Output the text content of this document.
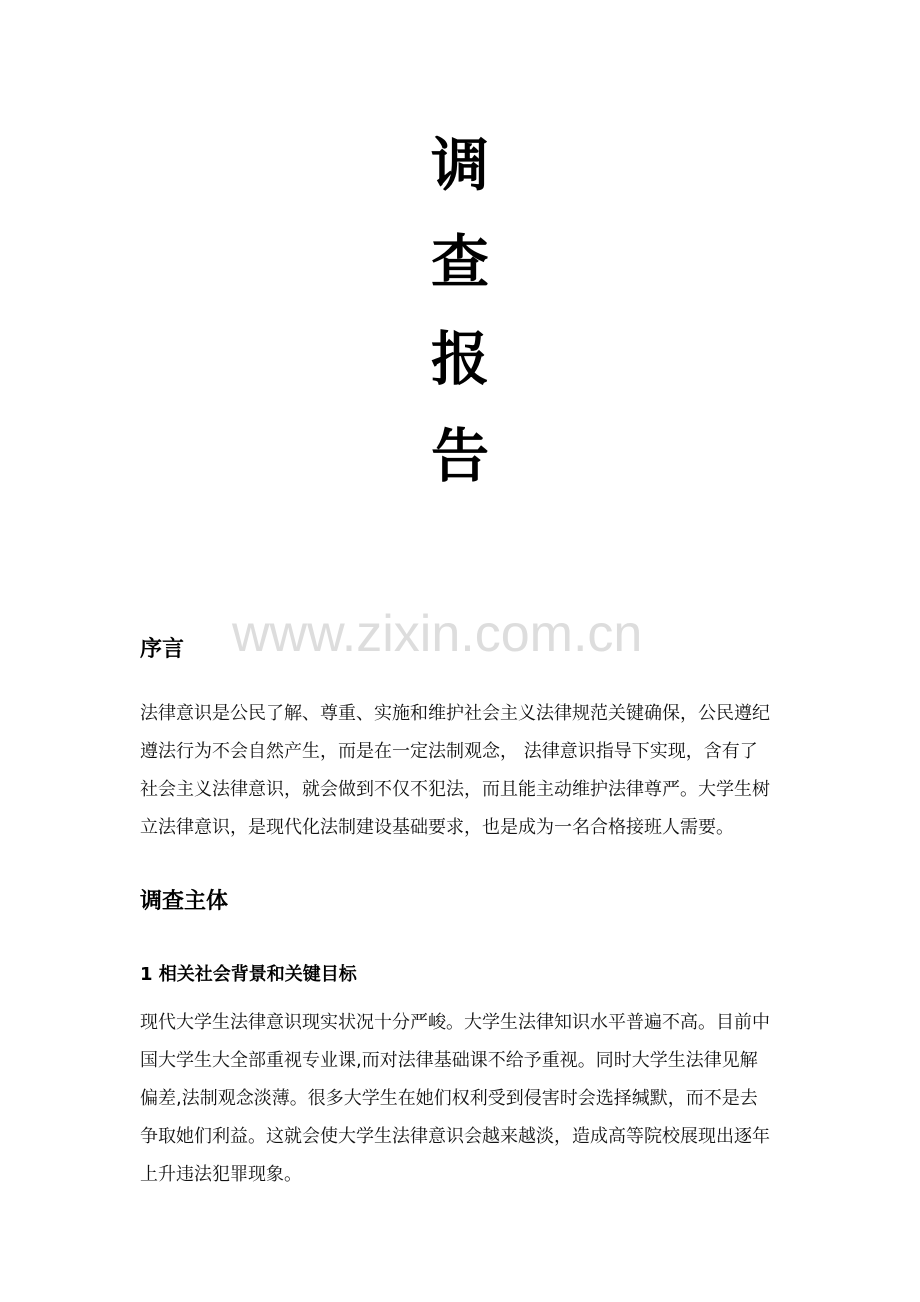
调
查
报
告
www.zixin.com.cn
序言
法律意识是公民了解、尊重、实施和维护社会主义法律规范关键确保，公民遵纪
遵法行为不会自然产生，而是在一定法制观念， 法律意识指导下实现，含有了
社会主义法律意识，就会做到不仅不犯法，而且能主动维护法律尊严。大学生树
立法律意识，是现代化法制建设基础要求，也是成为一名合格接班人需要。
调查主体
1 相关社会背景和关键目标
现代大学生法律意识现实状况十分严峻。大学生法律知识水平普遍不高。目前中
国大学生大全部重视专业课,而对法律基础课不给予重视。同时大学生法律见解
偏差,法制观念淡薄。很多大学生在她们权利受到侵害时会选择缄默，而不是去
争取她们利益。这就会使大学生法律意识会越来越淡，造成高等院校展现出逐年
上升违法犯罪现象。
